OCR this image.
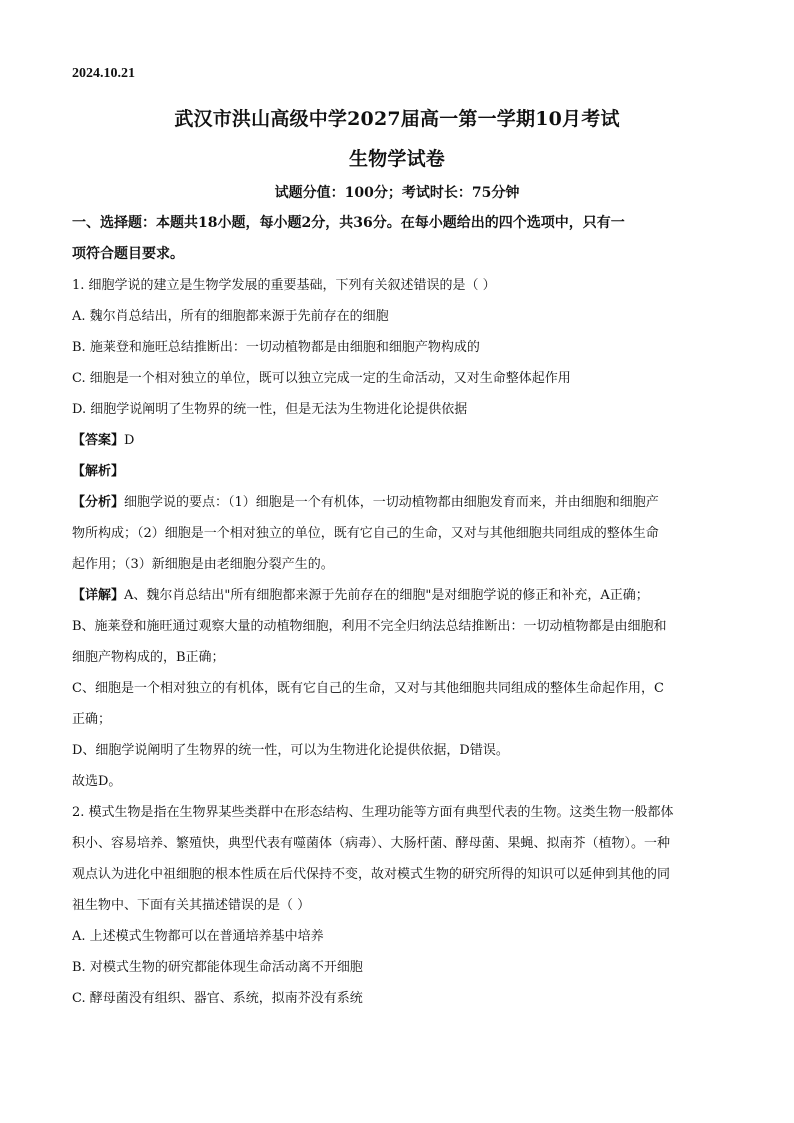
2024.10.21
武汉市洪山高级中学2027届高一第一学期10月考试
生物学试卷
试题分值：100分；考试时长：75分钟
一、选择题：本题共18小题，每小题2分，共36分。在每小题给出的四个选项中，只有一
项符合题目要求。
1. 细胞学说的建立是生物学发展的重要基础，下列有关叙述错误的是（ ）
A. 魏尔肖总结出，所有的细胞都来源于先前存在的细胞
B. 施莱登和施旺总结推断出：一切动植物都是由细胞和细胞产物构成的
C. 细胞是一个相对独立的单位，既可以独立完成一定的生命活动，又对生命整体起作用
D. 细胞学说阐明了生物界的统一性，但是无法为生物进化论提供依据
【答案】D
【解析】
【分析】细胞学说的要点：（1）细胞是一个有机体，一切动植物都由细胞发育而来，并由细胞和细胞产
物所构成；（2）细胞是一个相对独立的单位，既有它自己的生命，又对与其他细胞共同组成的整体生命
起作用；（3）新细胞是由老细胞分裂产生的。
【详解】A、魏尔肖总结出"所有细胞都来源于先前存在的细胞"是对细胞学说的修正和补充，A正确；
B、施莱登和施旺通过观察大量的动植物细胞，利用不完全归纳法总结推断出：一切动植物都是由细胞和
细胞产物构成的，B正确；
C、细胞是一个相对独立的有机体，既有它自己的生命，又对与其他细胞共同组成的整体生命起作用，C
正确；
D、细胞学说阐明了生物界的统一性，可以为生物进化论提供依据，D错误。
故选D。
2. 模式生物是指在生物界某些类群中在形态结构、生理功能等方面有典型代表的生物。这类生物一般都体
积小、容易培养、繁殖快，典型代表有噬菌体（病毒）、大肠杆菌、酵母菌、果蝇、拟南芥（植物）。一种
观点认为进化中祖细胞的根本性质在后代保持不变，故对模式生物的研究所得的知识可以延伸到其他的同
祖生物中、下面有关其描述错误的是（ ）
A. 上述模式生物都可以在普通培养基中培养
B. 对模式生物的研究都能体现生命活动离不开细胞
C. 酵母菌没有组织、器官、系统，拟南芥没有系统
